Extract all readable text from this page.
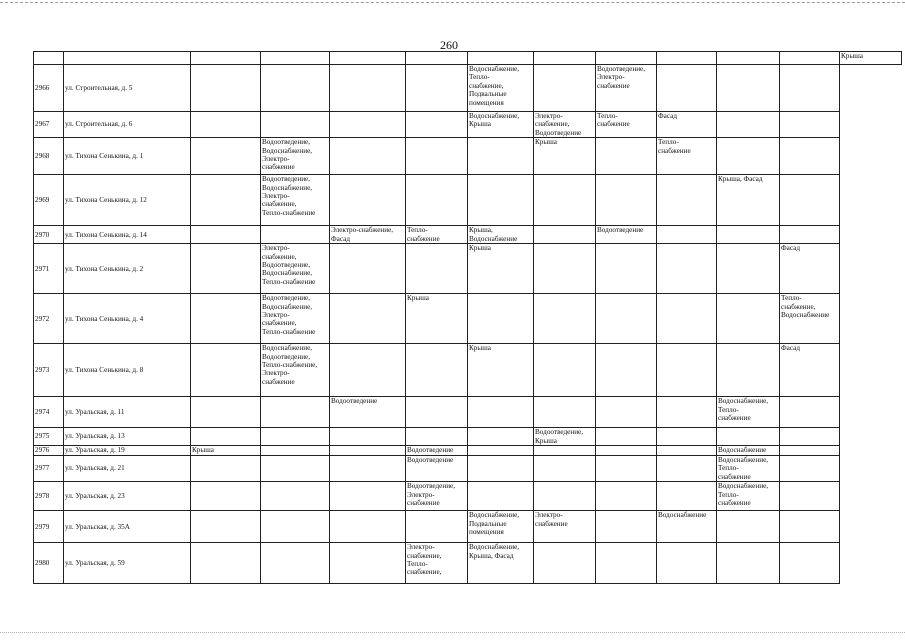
260
												Крыша
2966	ул. Строительная, д. 5					Водоснабжение,
Тепло-
снабжение,
Подвальные
помещения		Водоотведение,
Электро-
снабжение				
2967	ул. Строительная, д. 6					Водоснабжение,
Крыша	Электро-
снабжение,
Водоотведение	Тепло-
снабжение	Фасад			
2968	ул. Тихона Сенькина, д. 1		Водоотведение,
Водоснабжение,
Электро-
снабжение				Крыша		Тепло-
снабжение			
2969	ул. Тихона Сенькина, д. 12		Водоотведение,
Водоснабжение,
Электро-
снабжение,
Тепло-снабжение							Крыша, Фасад		
2970	ул. Тихона Сенькина, д. 14			Электро-снабжение,
Фасад	Тепло-
снабжение	Крыша,
Водоснабжение		Водоотведение				
2971	ул. Тихона Сенькина, д. 2		Электро-
снабжение,
Водоотведение,
Водоснабжение,
Тепло-снабжение			Крыша					Фасад	
2972	ул. Тихона Сенькина, д. 4		Водоотведение,
Водоснабжение,
Электро-
снабжение,
Тепло-снабжение		Крыша						Тепло-
снабжение,
Водоснабжение	
2973	ул. Тихона Сенькина, д. 8		Водоснабжение,
Водоотведение,
Тепло-снабжение,
Электро-
снабжение			Крыша					Фасад	
2974	ул. Уральская, д. 11			Водоотведение						Водоснабжение,
Тепло-
снабжение		
2975	ул. Уральская, д. 13						Водоотведение,
Крыша					
2976	ул. Уральская, д. 19	Крыша			Водоотведение					Водоснабжение		
2977	ул. Уральская, д. 21				Водоотведение					Водоснабжение,
Тепло-
снабжение		
2978	ул. Уральская, д. 23				Водоотведение,
Электро-
снабжение					Водоснабжение,
Тепло-
снабжение		
2979	ул. Уральская, д. 35А					Водоснабжение,
Подвальные
помещения	Электро-
снабжение		Водоснабжение			
2980	ул. Уральская, д. 59				Электро-
снабжение,
Тепло-
снабжение,	Водоснабжение,
Крыша, Фасад						
